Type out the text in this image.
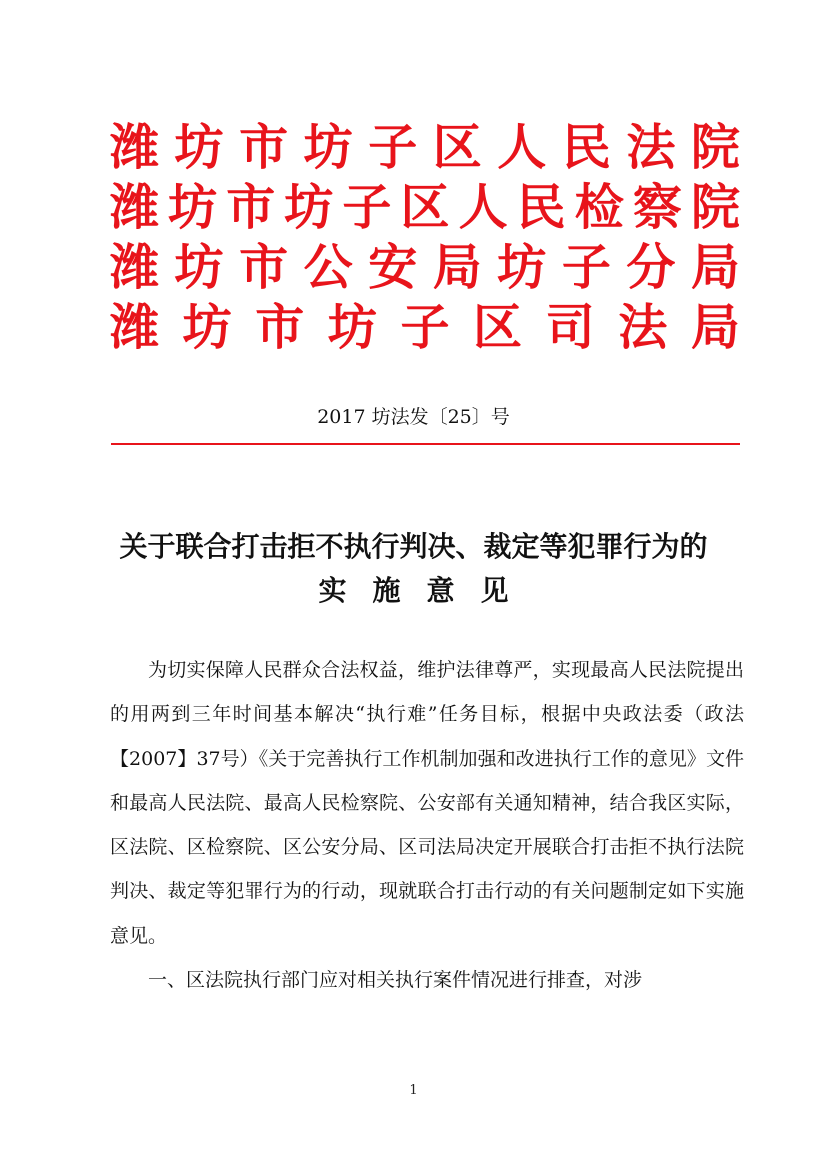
潍 坊 市 坊 子 区 人 民 法 院
潍 坊 市 坊 子 区 人 民 检 察 院
潍 坊 市 公 安 局 坊 子 分 局
潍 坊 市 坊 子 区 司 法 局
2017 坊法发〔25〕号
关于联合打击拒不执行判决、裁定等犯罪行为的
实施意见

为切实保障人民群众合法权益，维护法律尊严，实现最高人民法院提出的用两到三年时间基本解决“执行难”任务目标，根据中央政法委（政法【2007】37号）《关于完善执行工作机制加强和改进执行工作的意见》文件和最高人民法院、最高人民检察院、公安部有关通知精神，结合我区实际，区法院、区检察院、区公安分局、区司法局决定开展联合打击拒不执行法院判决、裁定等犯罪行为的行动，现就联合打击行动的有关问题制定如下实施意见。

一、区法院执行部门应对相关执行案件情况进行排查，对涉

1
